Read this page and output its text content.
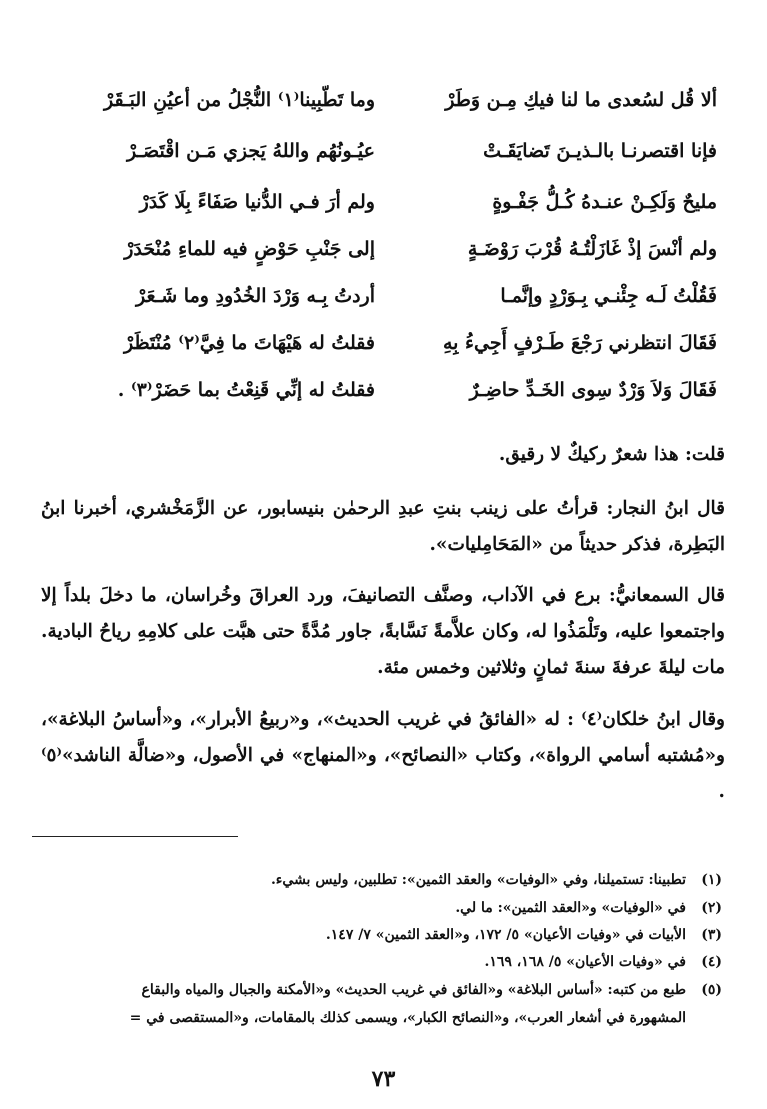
ألا قُل لسُعدى ما لنا فيكِ مِـن وَطَرْ
وما تَطّبِينا⁽١⁾ النُّجْلُ من أعيُنِ البَـقَرْ
فإنا اقتصرنـا بالـذيـنَ تَضايَقَـتْ
عيُـونُهُم واللهُ يَجزي مَـن اقْتَصَـرْ
مليحٌ وَلَكِـنْ عنـدهُ كُـلُّ جَفْـوةٍ
ولم أرَ فـي الدُّنيا صَفَاءً بِلَا كَدَرْ
ولم أنْسَ إذْ غَازَلْتُـهُ قُرْبَ رَوْضَـةٍ
إلى جَنْبِ حَوْضٍ فيه للماءِ مُنْحَدَرْ
فَقُلْتُ لَـه جِئْنـي بِـوَرْدٍ وإنَّمـا
أردتُ بِـه وَرْدَ الخُدُودِ وما شَـعَرْ
فَقَالَ انتظرني رَجْعَ طَـرْفٍ أَجِيءُ بِهِ
فقلتُ له هَيْهَاتَ ما فِيَّ⁽٢⁾ مُنْتَظَرْ
فَقَالَ وَلاَ وَرْدٌ سِوى الخَـدِّ حاضِـرٌ
فقلتُ له إنِّي قَنِعْتُ بما حَضَرْ⁽٣⁾ .
قلت: هذا شعرٌ ركيكٌ لا رقيق.
قال ابنُ النجار: قرأتُ على زينب بنتِ عبدِ الرحمٰن بنيسابور، عن الزَّمَخْشري، أخبرنا ابنُ البَطِرة، فذكر حديثاً من «المَحَامِليات».
قال السمعانيُّ: برع في الآداب، وصنَّف التصانيفَ، ورد العراقَ وخُراسان، ما دخلَ بلداً إلا واجتمعوا عليه، وتَلْمَذُوا له، وكان علاَّمةً نَسَّابةً، جاور مُدَّةً حتى هبَّت على كلامِهِ رياحُ البادية. مات ليلةَ عرفةَ سنةَ ثمانٍ وثلاثين وخمس مئة.
وقال ابنُ خلكان⁽٤⁾ : له «الفائقُ في غريب الحديث»، و«ربيعُ الأبرار»، و«أساسُ البلاغة»، و«مُشتبه أسامي الرواة»، وكتاب «النصائح»، و«المنهاج» في الأصول، و«ضالَّة الناشد»⁽٥⁾ .
(١)تطبينا: تستميلنا، وفي «الوفيات» والعقد الثمين»: تطلبين، وليس بشيء.
(٢)في «الوفيات» و«العقد الثمين»: ما لي.
(٣)الأبيات في «وفيات الأعيان» ٥/ ١٧٢، و«العقد الثمين» ٧/ ١٤٧.
(٤)في «وفيات الأعيان» ٥/ ١٦٨، ١٦٩.
(٥)طبع من كتبه: «أساس البلاغة» و«الفائق في غريب الحديث» و«الأمكنة والجبال والمياه والبقاع
المشهورة في أشعار العرب»، و«النصائح الكبار»، ويسمى كذلك بالمقامات، و«المستقصى في =
٧٣
